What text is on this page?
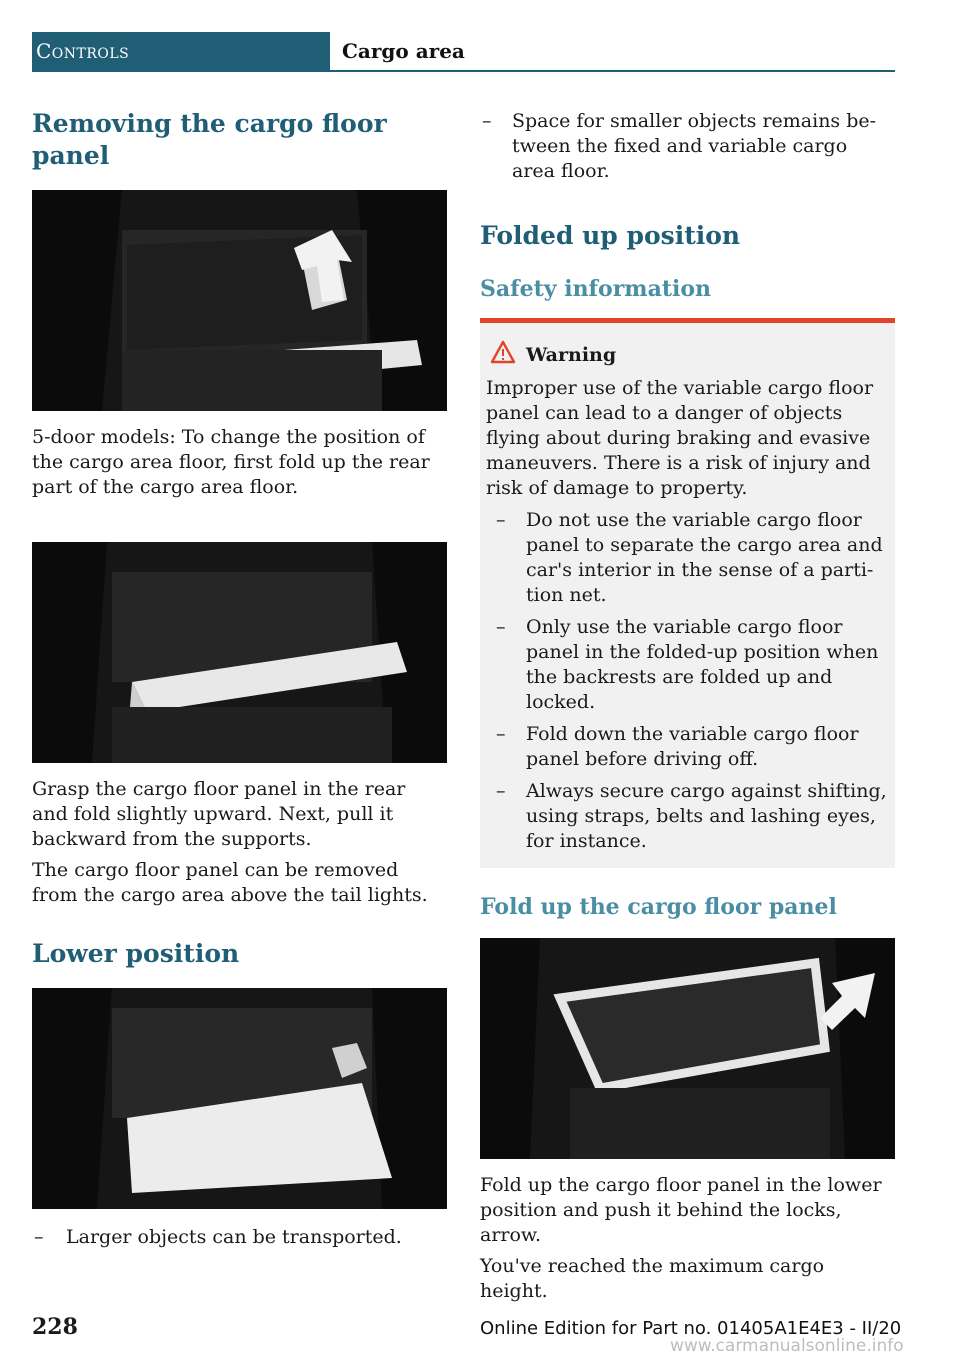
Controls	Cargo area
Removing the cargo floor panel

5-door models: To change the position of the cargo area floor, first fold up the rear part of the cargo area floor.

Grasp the cargo floor panel in the rear and fold slightly upward. Next, pull it backward from the supports.

The cargo floor panel can be removed from the cargo area above the tail lights.

Lower position
– Larger objects can be transported.
– Space for smaller objects remains between the fixed and variable cargo area floor.
Folded up position
Safety information
Warning

Improper use of the variable cargo floor panel can lead to a danger of objects flying about during braking and evasive maneuvers. There is a risk of injury and risk of damage to property.

– Do not use the variable cargo floor panel to separate the cargo area and car's interior in the sense of a partition net.
– Only use the variable cargo floor panel in the folded-up position when the backrests are folded up and locked.
– Fold down the variable cargo floor panel before driving off.
– Always secure cargo against shifting, using straps, belts and lashing eyes, for instance.
Fold up the cargo floor panel

Fold up the cargo floor panel in the lower position and push it behind the locks, arrow.

You've reached the maximum cargo height.

228	Online Edition for Part no. 01405A1E4E3 - II/20
www.carmanualsonline.info
